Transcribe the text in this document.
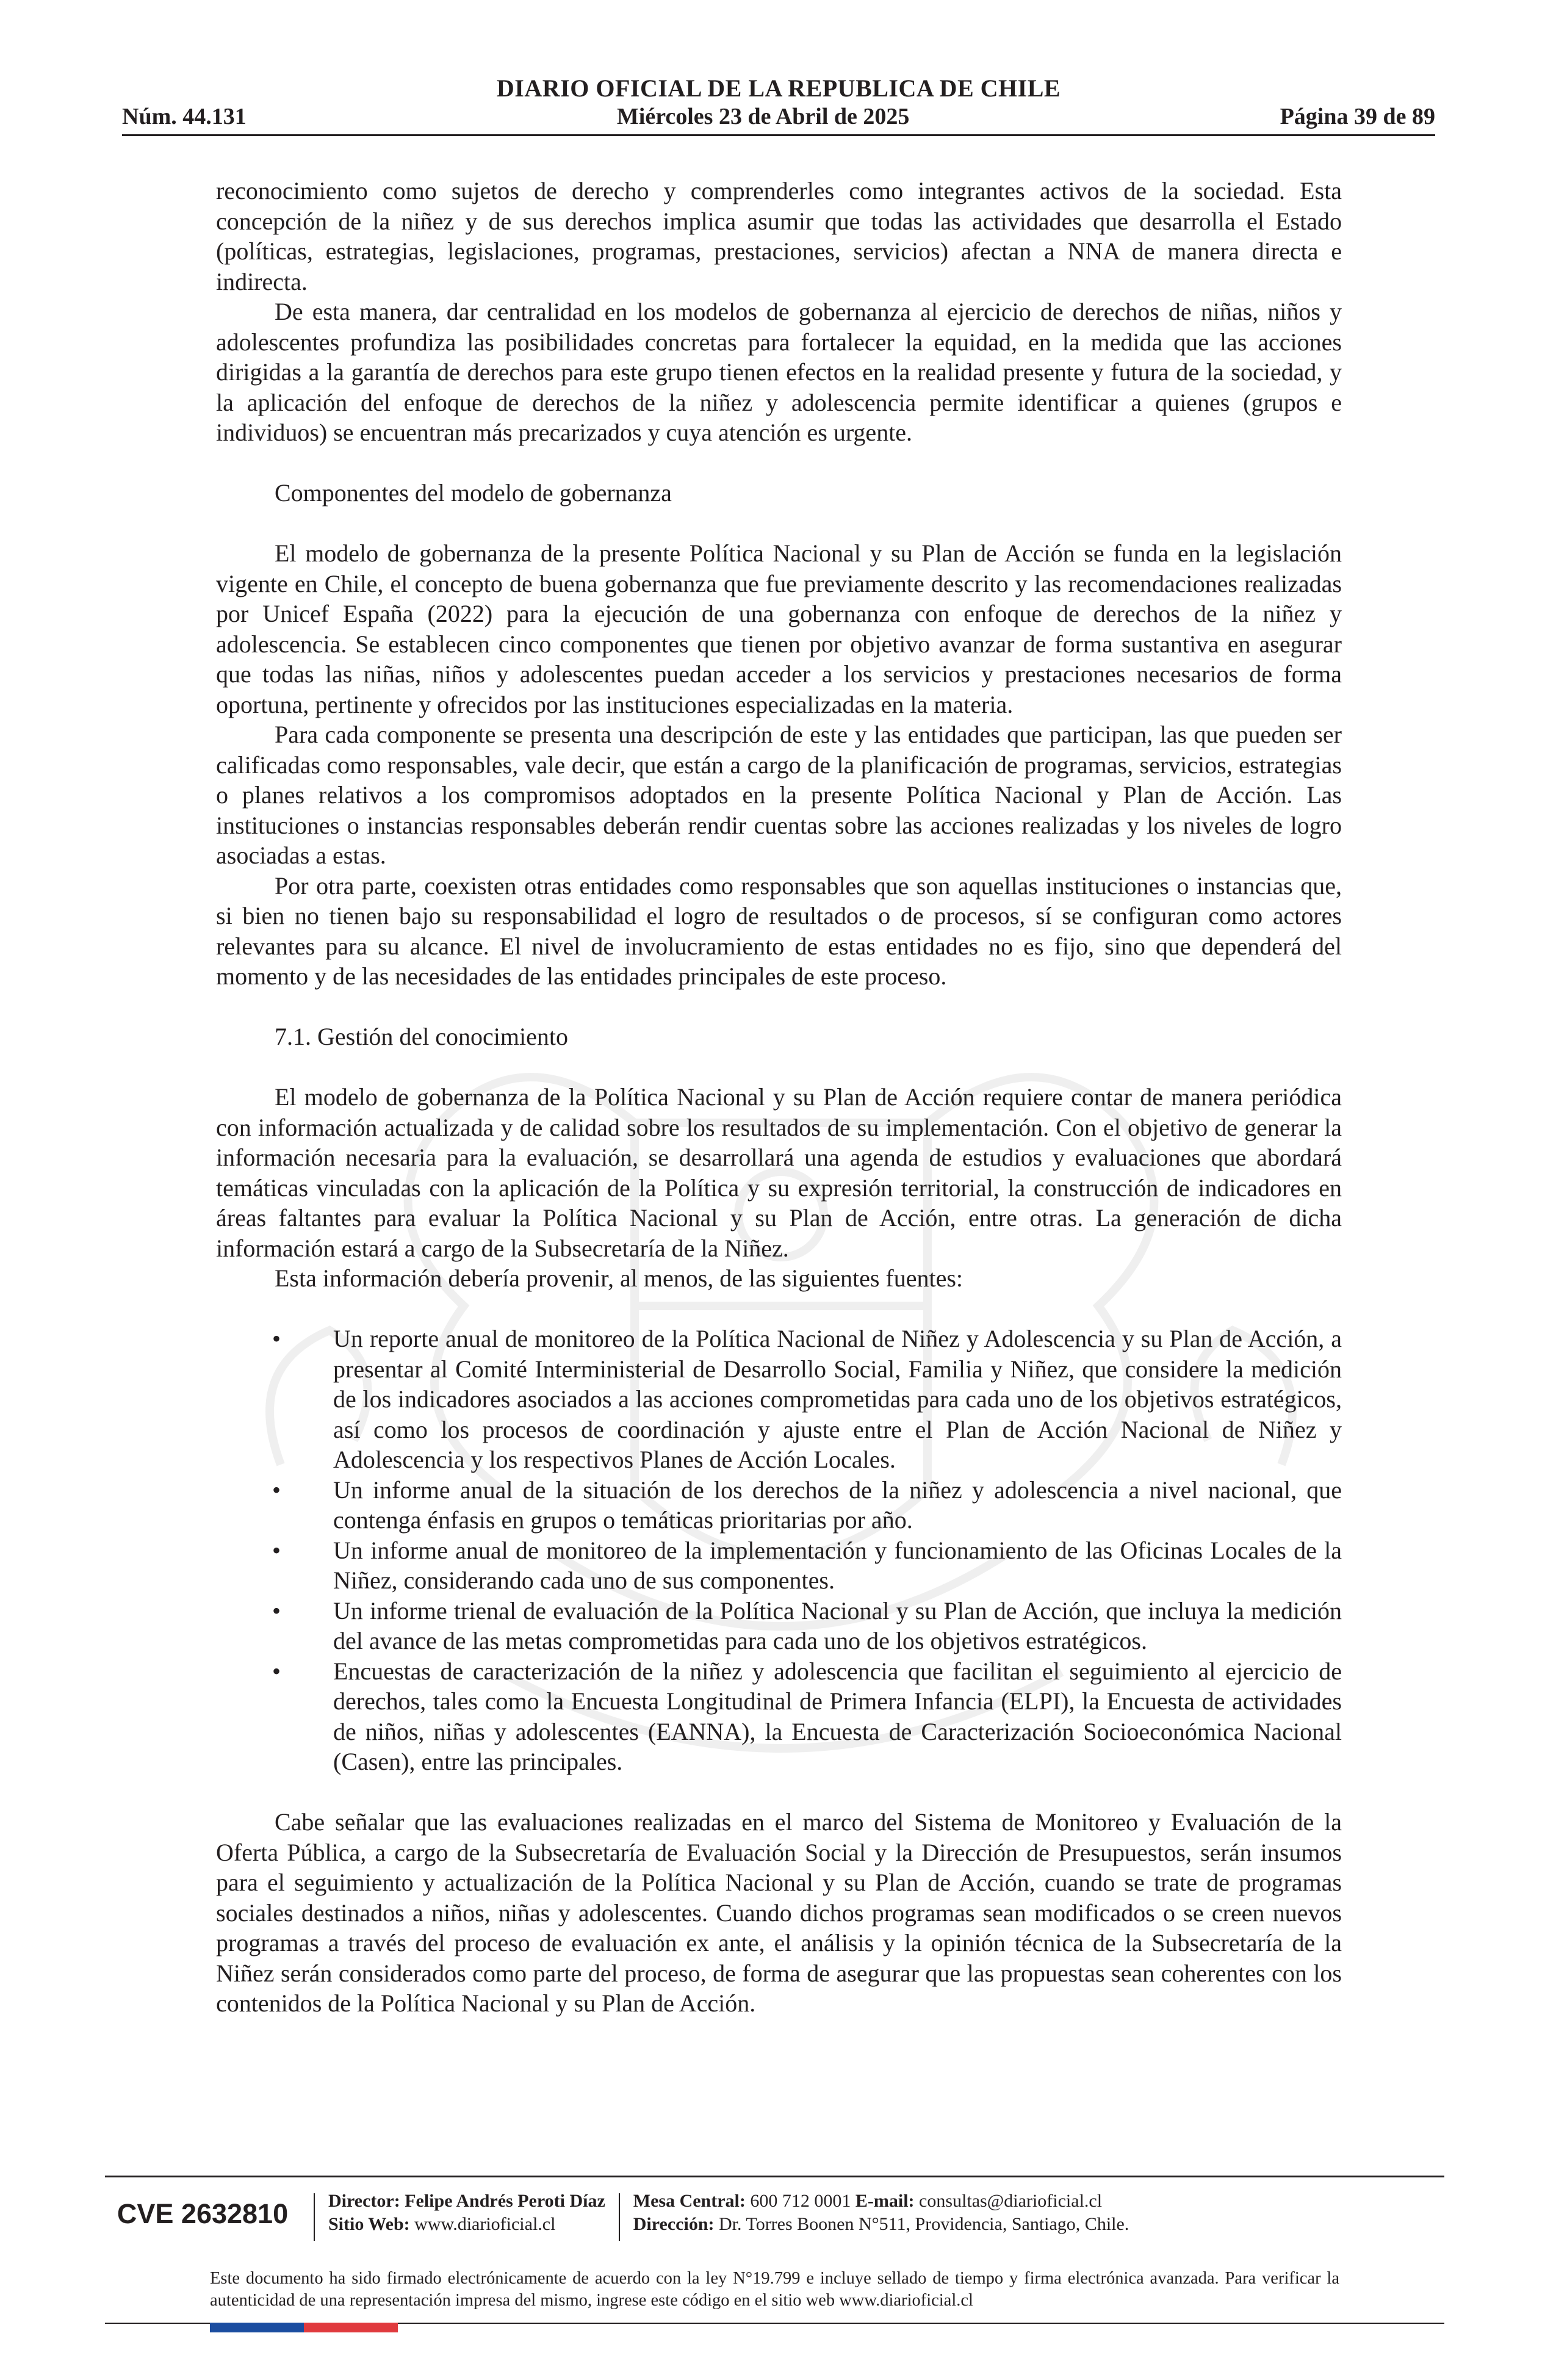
DIARIO OFICIAL DE LA REPUBLICA DE CHILE
Núm. 44.131	Miércoles 23 de Abril de 2025	Página 39 de 89

reconocimiento como sujetos de derecho y comprenderles como integrantes activos de la sociedad. Esta concepción de la niñez y de sus derechos implica asumir que todas las actividades que desarrolla el Estado (políticas, estrategias, legislaciones, programas, prestaciones, servicios) afectan a NNA de manera directa e indirecta.

De esta manera, dar centralidad en los modelos de gobernanza al ejercicio de derechos de niñas, niños y adolescentes profundiza las posibilidades concretas para fortalecer la equidad, en la medida que las acciones dirigidas a la garantía de derechos para este grupo tienen efectos en la realidad presente y futura de la sociedad, y la aplicación del enfoque de derechos de la niñez y adolescencia permite identificar a quienes (grupos e individuos) se encuentran más precarizados y cuya atención es urgente.

Componentes del modelo de gobernanza

El modelo de gobernanza de la presente Política Nacional y su Plan de Acción se funda en la legislación vigente en Chile, el concepto de buena gobernanza que fue previamente descrito y las recomendaciones realizadas por Unicef España (2022) para la ejecución de una gobernanza con enfoque de derechos de la niñez y adolescencia. Se establecen cinco componentes que tienen por objetivo avanzar de forma sustantiva en asegurar que todas las niñas, niños y adolescentes puedan acceder a los servicios y prestaciones necesarios de forma oportuna, pertinente y ofrecidos por las instituciones especializadas en la materia.

Para cada componente se presenta una descripción de este y las entidades que participan, las que pueden ser calificadas como responsables, vale decir, que están a cargo de la planificación de programas, servicios, estrategias o planes relativos a los compromisos adoptados en la presente Política Nacional y Plan de Acción. Las instituciones o instancias responsables deberán rendir cuentas sobre las acciones realizadas y los niveles de logro asociadas a estas.

Por otra parte, coexisten otras entidades como responsables que son aquellas instituciones o instancias que, si bien no tienen bajo su responsabilidad el logro de resultados o de procesos, sí se configuran como actores relevantes para su alcance. El nivel de involucramiento de estas entidades no es fijo, sino que dependerá del momento y de las necesidades de las entidades principales de este proceso.

7.1. Gestión del conocimiento

El modelo de gobernanza de la Política Nacional y su Plan de Acción requiere contar de manera periódica con información actualizada y de calidad sobre los resultados de su implementación. Con el objetivo de generar la información necesaria para la evaluación, se desarrollará una agenda de estudios y evaluaciones que abordará temáticas vinculadas con la aplicación de la Política y su expresión territorial, la construcción de indicadores en áreas faltantes para evaluar la Política Nacional y su Plan de Acción, entre otras. La generación de dicha información estará a cargo de la Subsecretaría de la Niñez.

Esta información debería provenir, al menos, de las siguientes fuentes:

• Un reporte anual de monitoreo de la Política Nacional de Niñez y Adolescencia y su Plan de Acción, a presentar al Comité Interministerial de Desarrollo Social, Familia y Niñez, que considere la medición de los indicadores asociados a las acciones comprometidas para cada uno de los objetivos estratégicos, así como los procesos de coordinación y ajuste entre el Plan de Acción Nacional de Niñez y Adolescencia y los respectivos Planes de Acción Locales.
• Un informe anual de la situación de los derechos de la niñez y adolescencia a nivel nacional, que contenga énfasis en grupos o temáticas prioritarias por año.
• Un informe anual de monitoreo de la implementación y funcionamiento de las Oficinas Locales de la Niñez, considerando cada uno de sus componentes.
• Un informe trienal de evaluación de la Política Nacional y su Plan de Acción, que incluya la medición del avance de las metas comprometidas para cada uno de los objetivos estratégicos.
• Encuestas de caracterización de la niñez y adolescencia que facilitan el seguimiento al ejercicio de derechos, tales como la Encuesta Longitudinal de Primera Infancia (ELPI), la Encuesta de actividades de niños, niñas y adolescentes (EANNA), la Encuesta de Caracterización Socioeconómica Nacional (Casen), entre las principales.

Cabe señalar que las evaluaciones realizadas en el marco del Sistema de Monitoreo y Evaluación de la Oferta Pública, a cargo de la Subsecretaría de Evaluación Social y la Dirección de Presupuestos, serán insumos para el seguimiento y actualización de la Política Nacional y su Plan de Acción, cuando se trate de programas sociales destinados a niños, niñas y adolescentes. Cuando dichos programas sean modificados o se creen nuevos programas a través del proceso de evaluación ex ante, el análisis y la opinión técnica de la Subsecretaría de la Niñez serán considerados como parte del proceso, de forma de asegurar que las propuestas sean coherentes con los contenidos de la Política Nacional y su Plan de Acción.

CVE 2632810	Director: Felipe Andrés Peroti Díaz
Sitio Web: www.diarioficial.cl
Mesa Central: 600 712 0001 E-mail: consultas@diarioficial.cl
Dirección: Dr. Torres Boonen N°511, Providencia, Santiago, Chile.
Este documento ha sido firmado electrónicamente de acuerdo con la ley N°19.799 e incluye sellado de tiempo y firma electrónica avanzada. Para verificar la autenticidad de una representación impresa del mismo, ingrese este código en el sitio web www.diarioficial.cl
